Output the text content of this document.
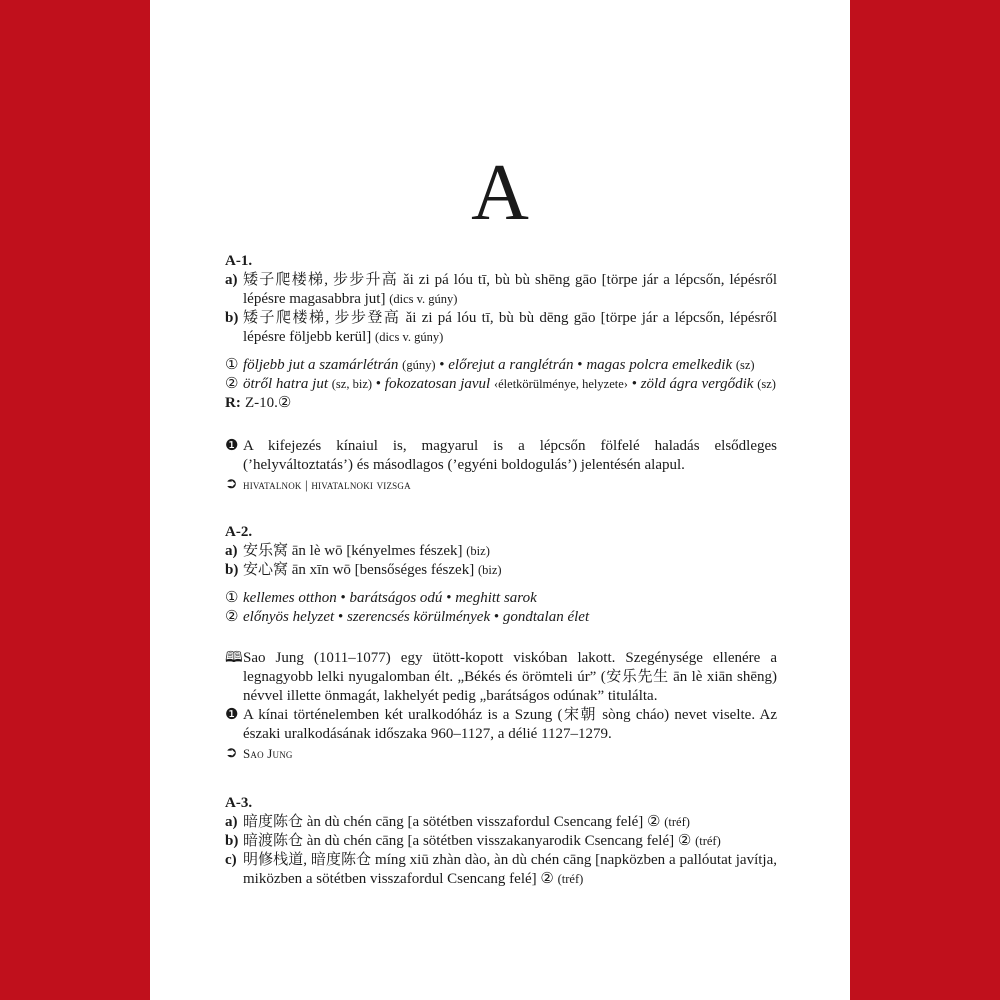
A
A-1.
a) 矮子爬楼梯, 步步升高 ǎi zi pá lóu tī, bù bù shēng gāo [törpe jár a lépcsőn, lépésről lépésre magasabbra jut] (dics v. gúny)
b) 矮子爬楼梯, 步步登高 ǎi zi pá lóu tī, bù bù dēng gāo [törpe jár a lépcsőn, lépésről lépésre följebb kerül] (dics v. gúny)
① följebb jut a szamárlétrán (gúny) • előrejut a ranglétrán • magas polcra emelkedik (sz)
② ötről hatra jut (sz, biz) • fokozatosan javul ‹életkörülménye, helyzete› • zöld ágra vergődik (sz)
R: Z-10.②
❶ A kifejezés kínaiul is, magyarul is a lépcsőn fölfelé haladás elsődleges (’helyváltoztatás’) és másodlagos (’egyéni boldogulás’) jelentésén alapul.
➲ hivatalnok | hivatalnoki vizsga
A-2.
a) 安乐窝 ān lè wō [kényelmes fészek] (biz)
b) 安心窝 ān xīn wō [bensőséges fészek] (biz)
① kellemes otthon • barátságos odú • meghitt sarok
② előnyös helyzet • szerencsés körülmények • gondtalan élet
🕮 Sao Jung (1011–1077) egy ütött-kopott viskóban lakott. Szegénysége ellenére a legnagyobb lelki nyugalomban élt. „Békés és örömteli úr” (安乐先生 ān lè xiān shēng) névvel illette önmagát, lakhelyét pedig „barátságos odúnak” titulálta.
❶ A kínai történelemben két uralkodóház is a Szung (宋朝 sòng cháo) nevet viselte. Az északi uralkodásának időszaka 960–1127, a délié 1127–1279.
➲ Sao Jung
A-3.
a) 暗度陈仓 àn dù chén cāng [a sötétben visszafordul Csencang felé] ② (tréf)
b) 暗渡陈仓 àn dù chén cāng [a sötétben visszakanyarodik Csencang felé] ② (tréf)
c) 明修栈道, 暗度陈仓 míng xiū zhàn dào, àn dù chén cāng [napközben a pallóutat javítja, miközben a sötétben visszafordul Csencang felé] ② (tréf)
